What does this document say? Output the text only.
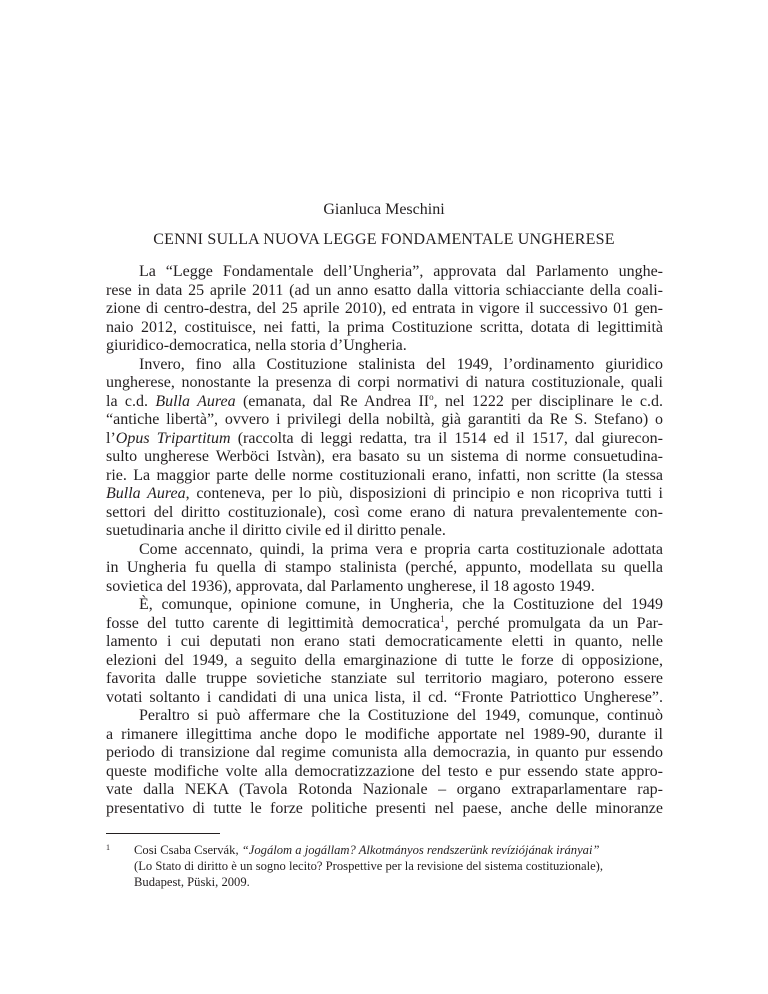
Gianluca Meschini
CENNI SULLA NUOVA LEGGE FONDAMENTALE UNGHERESE
La “Legge Fondamentale dell’Ungheria”, approvata dal Parlamento unghe-
rese in data 25 aprile 2011 (ad un anno esatto dalla vittoria schiacciante della coali-
zione di centro-destra, del 25 aprile 2010), ed entrata in vigore il successivo 01 gen-
naio 2012, costituisce, nei fatti, la prima Costituzione scritta, dotata di legittimità
giuridico-democratica, nella storia d’Ungheria.
Invero, fino alla Costituzione stalinista del 1949, l’ordinamento giuridico
ungherese, nonostante la presenza di corpi normativi di natura costituzionale, quali
la c.d. Bulla Aurea (emanata, dal Re Andrea $II^o$, nel 1222 per disciplinare le c.d.
“antiche libertà”, ovvero i privilegi della nobiltà, già garantiti da Re S. Stefano) o
l’Opus Tripartitum (raccolta di leggi redatta, tra il 1514 ed il 1517, dal giurecon-
sulto ungherese Werböci Istvàn), era basato su un sistema di norme consuetudina-
rie. La maggior parte delle norme costituzionali erano, infatti, non scritte (la stessa
Bulla Aurea, conteneva, per lo più, disposizioni di principio e non ricopriva tutti i
settori del diritto costituzionale), così come erano di natura prevalentemente con-
suetudinaria anche il diritto civile ed il diritto penale.
Come accennato, quindi, la prima vera e propria carta costituzionale adottata
in Ungheria fu quella di stampo stalinista (perché, appunto, modellata su quella
sovietica del 1936), approvata, dal Parlamento ungherese, il 18 agosto 1949.
È, comunque, opinione comune, in Ungheria, che la Costituzione del 1949
fosse del tutto carente di legittimità democratica$^1$, perché promulgata da un Par-
lamento i cui deputati non erano stati democraticamente eletti in quanto, nelle
elezioni del 1949, a seguito della emarginazione di tutte le forze di opposizione,
favorita dalle truppe sovietiche stanziate sul territorio magiaro, poterono essere
votati soltanto i candidati di una unica lista, il cd. “Fronte Patriottico Ungherese”.
Peraltro si può affermare che la Costituzione del 1949, comunque, continuò
a rimanere illegittima anche dopo le modifiche apportate nel 1989-90, durante il
periodo di transizione dal regime comunista alla democrazia, in quanto pur essendo
queste modifiche volte alla democratizzazione del testo e pur essendo state appro-
vate dalla NEKA (Tavola Rotonda Nazionale – organo extraparlamentare rap-
presentativo di tutte le forze politiche presenti nel paese, anche delle minoranze
1 Cosi Csaba Cservák, “Jogálom a jogállam? Alkotmányos rendszerünk revíziójának irányai”
(Lo Stato di diritto è un sogno lecito? Prospettive per la revisione del sistema costituzionale),
Budapest, Püski, 2009.
